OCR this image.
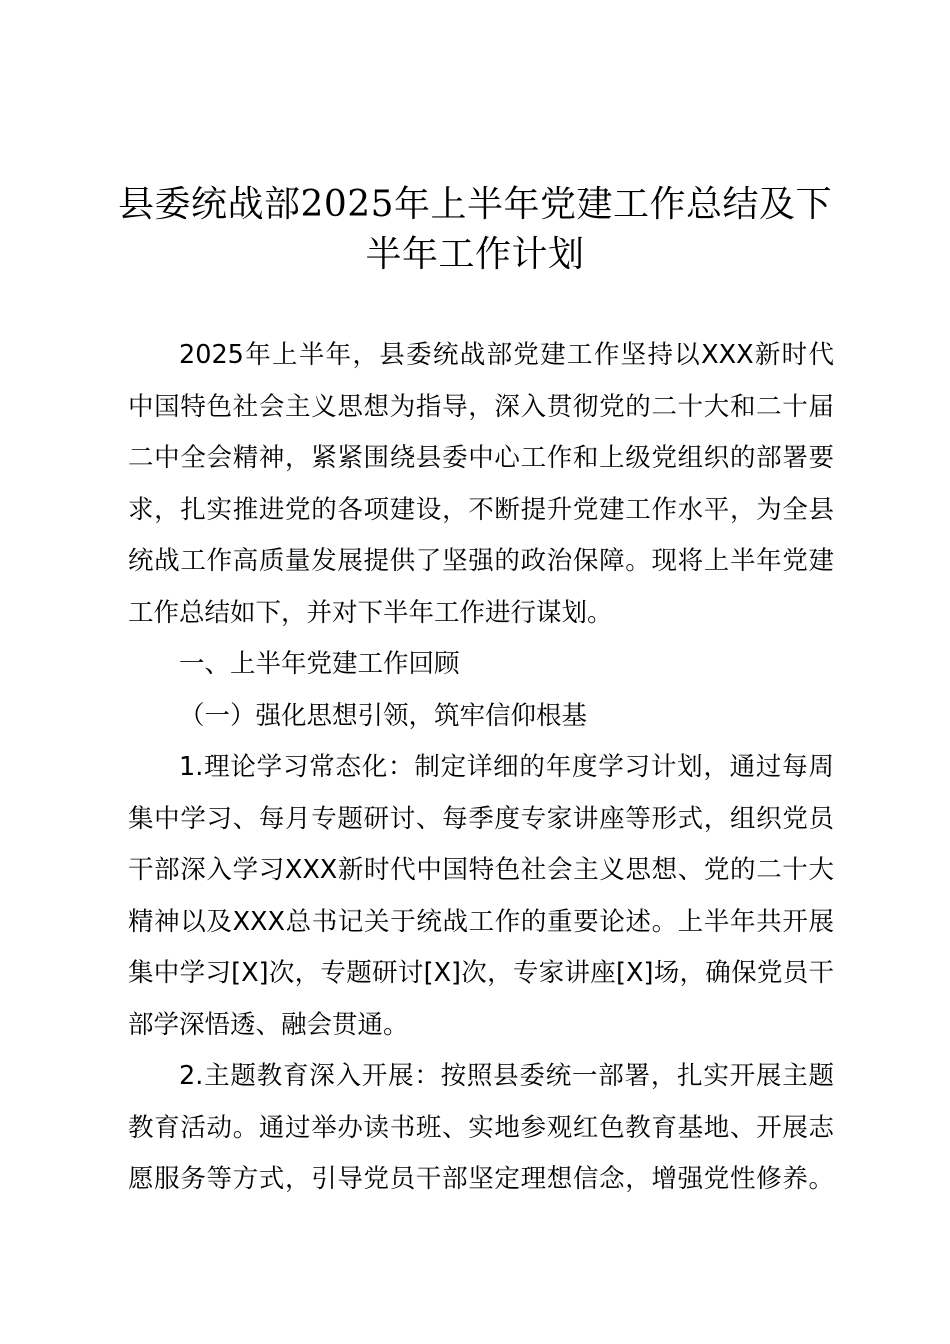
县委统战部2025年上半年党建工作总结及下
半年工作计划

2025年上半年，县委统战部党建工作坚持以XXX新时代
中国特色社会主义思想为指导，深入贯彻党的二十大和二十届
二中全会精神，紧紧围绕县委中心工作和上级党组织的部署要
求，扎实推进党的各项建设，不断提升党建工作水平，为全县
统战工作高质量发展提供了坚强的政治保障。现将上半年党建
工作总结如下，并对下半年工作进行谋划。

一、上半年党建工作回顾

（一）强化思想引领，筑牢信仰根基

1.理论学习常态化：制定详细的年度学习计划，通过每周
集中学习、每月专题研讨、每季度专家讲座等形式，组织党员
干部深入学习XXX新时代中国特色社会主义思想、党的二十大
精神以及XXX总书记关于统战工作的重要论述。上半年共开展
集中学习[X]次，专题研讨[X]次，专家讲座[X]场，确保党员干
部学深悟透、融会贯通。

2.主题教育深入开展：按照县委统一部署，扎实开展主题
教育活动。通过举办读书班、实地参观红色教育基地、开展志
愿服务等方式，引导党员干部坚定理想信念，增强党性修养。
